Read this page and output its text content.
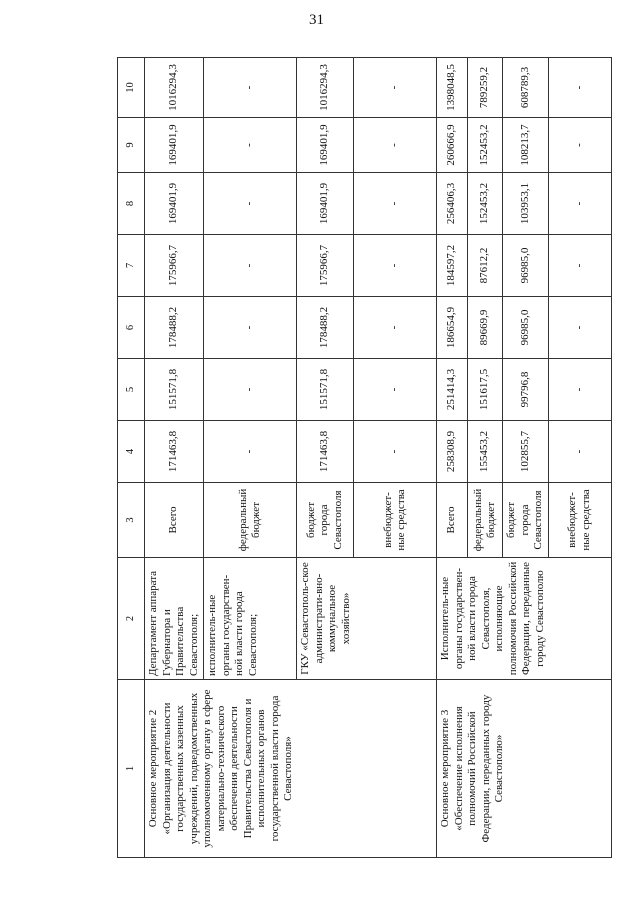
31
1	2	3	4	5	6	7	8	9	10
Основное мероприятие 2 «Организация деятельности государственных казенных учреждений, подведомственных уполномоченному органу в сфере материально-технического обеспечения деятельности Правительства Севастополя и исполнительных органов государственной власти города Севастополя»	Департамент аппарата Губернатора и Правительства Севастополя;	Всего	171463,8	151571,8	178488,2	175966,7	169401,9	169401,9	1016294,3
	исполнитель-ные органы государствен-ной власти города Севастополя;	федеральный бюджет	-	-	-	-	-	-	-
	ГКУ «Севастополь-ское администрати-вно-коммунальное хозяйство»	бюджет города Севастополя	171463,8	151571,8	178488,2	175966,7	169401,9	169401,9	1016294,3
		внебюджет-ные средства	-	-	-	-	-	-	-
Основное мероприятие 3 «Обеспечение исполнения полномочий Российской Федерации, переданных городу Севастополю»	Исполнитель-ные органы государствен-ной власти города Севастополя, исполняющие полномочия Российской Федерации, переданные городу Севастополю	Всего	258308,9	251414,3	186654,9	184597,2	256406,3	260666,9	1398048,5
		федеральный бюджет	155453,2	151617,5	89669,9	87612,2	152453,2	152453,2	789259,2
		бюджет города Севастополя	102855,7	99796,8	96985,0	96985,0	103953,1	108213,7	608789,3
		внебюджет-ные средства	-	-	-	-	-	-	-
